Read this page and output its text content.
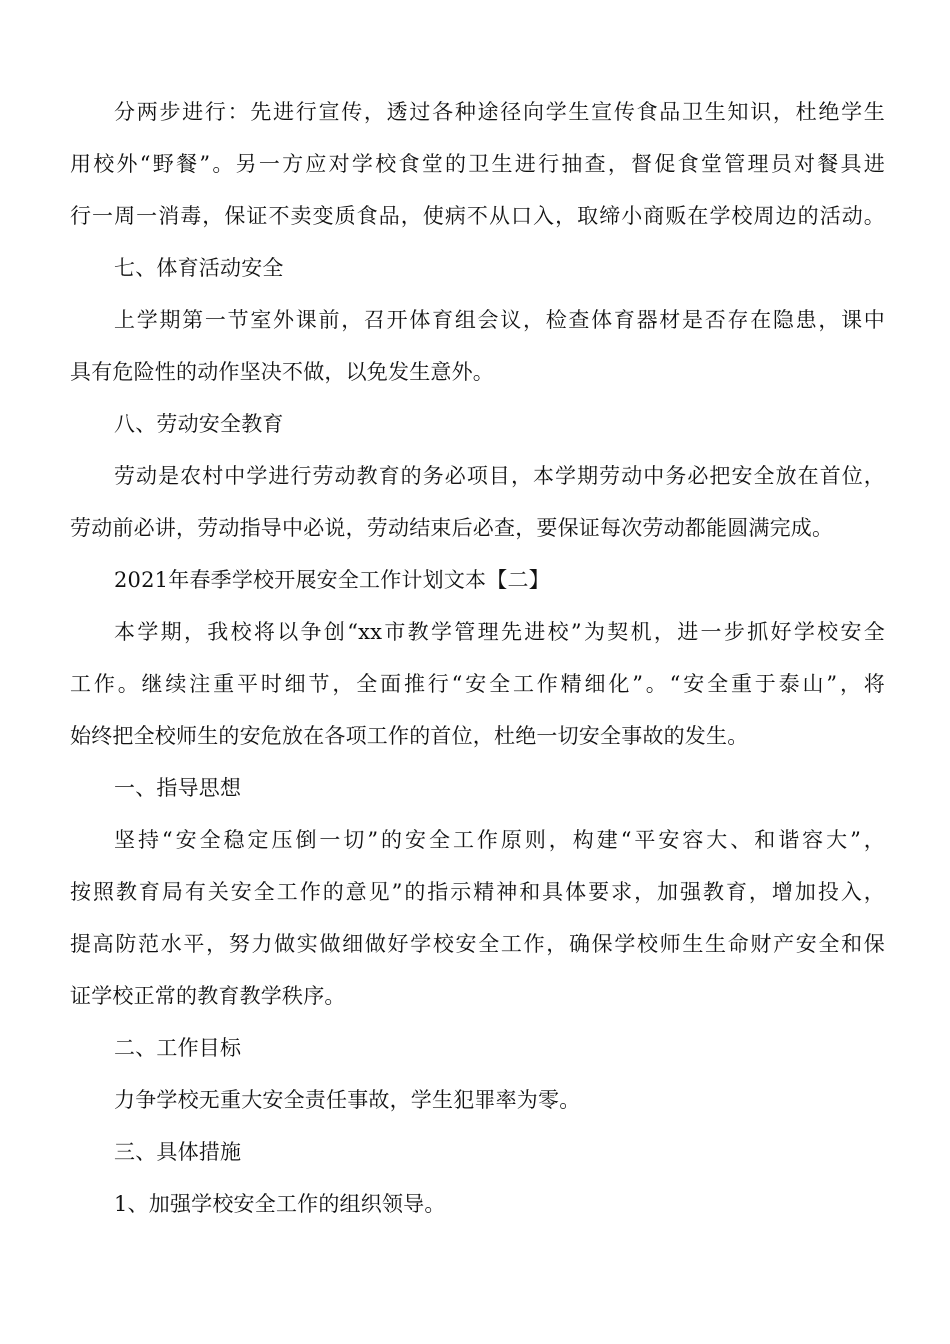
分两步进行：先进行宣传，透过各种途径向学生宣传食品卫生知识，杜绝学生
用校外“野餐”。另一方应对学校食堂的卫生进行抽查，督促食堂管理员对餐具进
行一周一消毒，保证不卖变质食品，使病不从口入，取缔小商贩在学校周边的活动。
七、体育活动安全
上学期第一节室外课前，召开体育组会议，检查体育器材是否存在隐患，课中
具有危险性的动作坚决不做，以免发生意外。
八、劳动安全教育
劳动是农村中学进行劳动教育的务必项目，本学期劳动中务必把安全放在首位，
劳动前必讲，劳动指导中必说，劳动结束后必查，要保证每次劳动都能圆满完成。
2021年春季学校开展安全工作计划文本【二】
本学期，我校将以争创“xx市教学管理先进校”为契机，进一步抓好学校安全
工作。继续注重平时细节，全面推行“安全工作精细化”。“安全重于泰山”，将
始终把全校师生的安危放在各项工作的首位，杜绝一切安全事故的发生。
一、指导思想
坚持“安全稳定压倒一切”的安全工作原则，构建“平安容大、和谐容大”，
按照教育局有关安全工作的意见”的指示精神和具体要求，加强教育，增加投入，
提高防范水平，努力做实做细做好学校安全工作，确保学校师生生命财产安全和保
证学校正常的教育教学秩序。
二、工作目标
力争学校无重大安全责任事故，学生犯罪率为零。
三、具体措施
1、加强学校安全工作的组织领导。
